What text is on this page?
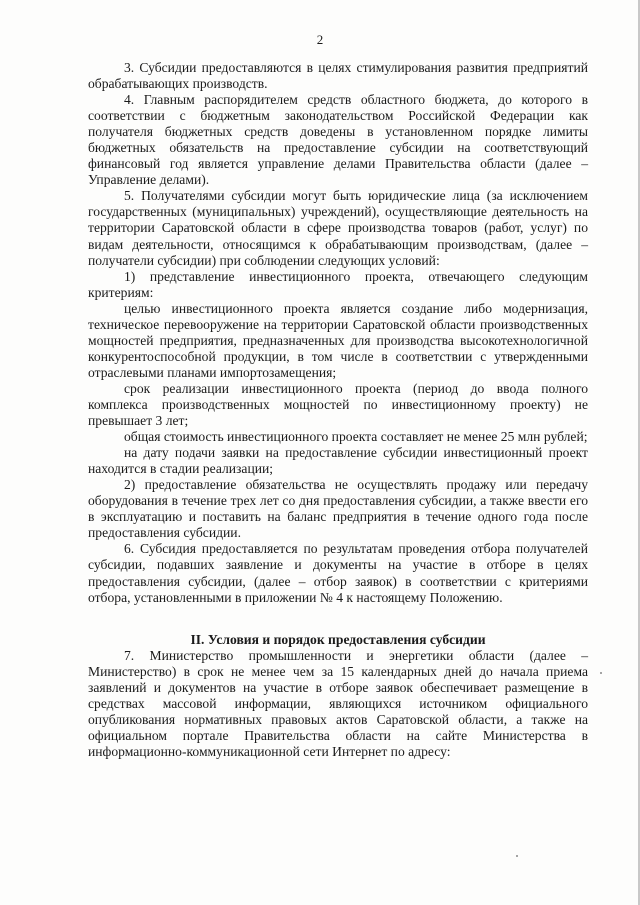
2

3. Субсидии предоставляются в целях стимулирования развития предприятий обрабатывающих производств.

4. Главным распорядителем средств областного бюджета, до которого в соответствии с бюджетным законодательством Российской Федерации как получателя бюджетных средств доведены в установленном порядке лимиты бюджетных обязательств на предоставление субсидии на соответствующий финансовый год является управление делами Правительства области (далее – Управление делами).

5. Получателями субсидии могут быть юридические лица (за исключением государственных (муниципальных) учреждений), осуществляющие деятельность на территории Саратовской области в сфере производства товаров (работ, услуг) по видам деятельности, относящимся к обрабатывающим производствам, (далее – получатели субсидии) при соблюдении следующих условий:

1) представление инвестиционного проекта, отвечающего следующим критериям:

целью инвестиционного проекта является создание либо модернизация, техническое перевооружение на территории Саратовской области производственных мощностей предприятия, предназначенных для производства высокотехнологичной конкурентоспособной продукции, в том числе в соответствии с утвержденными отраслевыми планами импортозамещения;

срок реализации инвестиционного проекта (период до ввода полного комплекса производственных мощностей по инвестиционному проекту) не превышает 3 лет;

общая стоимость инвестиционного проекта составляет не менее 25 млн рублей;

на дату подачи заявки на предоставление субсидии инвестиционный проект находится в стадии реализации;

2) предоставление обязательства не осуществлять продажу или передачу оборудования в течение трех лет со дня предоставления субсидии, а также ввести его в эксплуатацию и поставить на баланс предприятия в течение одного года после предоставления субсидии.

6. Субсидия предоставляется по результатам проведения отбора получателей субсидии, подавших заявление и документы на участие в отборе в целях предоставления субсидии, (далее – отбор заявок) в соответствии с критериями отбора, установленными в приложении № 4 к настоящему Положению.

II. Условия и порядок предоставления субсидии

7. Министерство промышленности и энергетики области (далее – Министерство) в срок не менее чем за 15 календарных дней до начала приема заявлений и документов на участие в отборе заявок обеспечивает размещение в средствах массовой информации, являющихся источником официального опубликования нормативных правовых актов Саратовской области, а также на официальном портале Правительства области на сайте Министерства в информационно-коммуникационной сети Интернет по адресу:
